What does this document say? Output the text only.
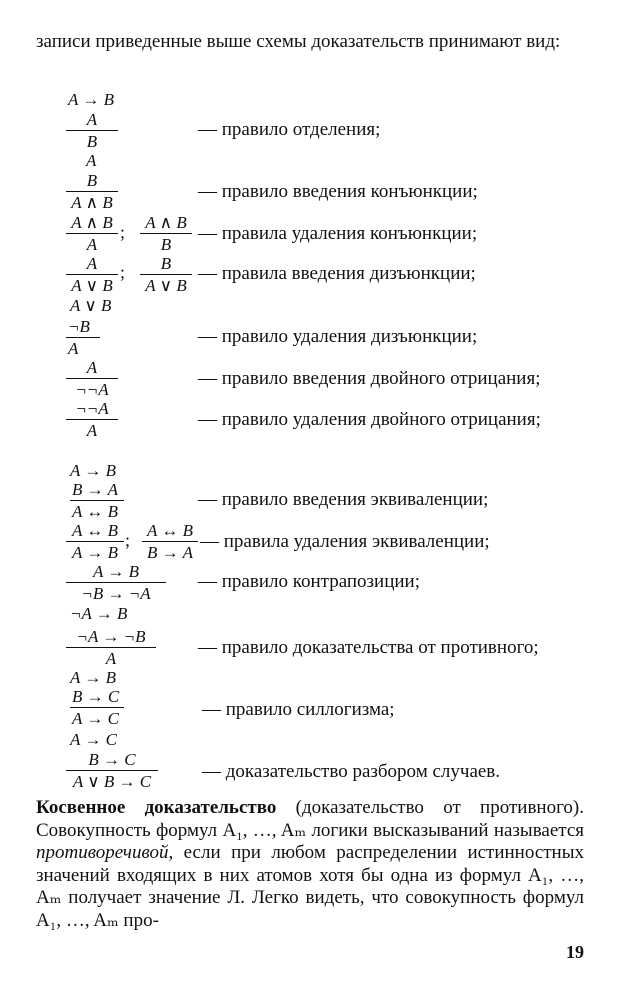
записи приведенные выше схемы доказательств принимают вид:
A → B
A
B
— правило отделения;
A
B
A ∧ B
— правило введения конъюнкции;
A ∧ B
A
; A ∧ B
B
— правила удаления конъюнкции;
A
A ∨ B
; B
A ∨ B
— правила введения дизъюнкции;
A ∨ B
¬B
A
— правило удаления дизъюнкции;
A
¬¬A
— правило введения двойного отрицания;
¬¬A
A
— правило удаления двойного отрицания;
A → B
B → A
A ↔ B
— правило введения эквиваленции;
A ↔ B
A → B
; A ↔ B
B → A
— правила удаления эквиваленции;
A → B
¬B → ¬A
— правило контрапозиции;
¬A → B
¬A → ¬B
A
— правило доказательства от противного;
A → B
B → C
A → C	— правило силлогизма;
A → C
B → C
A ∨ B → C	— доказательство разбором случаев.
Косвенное доказательство (доказательство от противного). Совокупность формул A₁, …, Aₘ логики высказываний называется противоречивой, если при любом распределении истинностных значений входящих в них атомов хотя бы одна из формул A₁, …, Aₘ получает значение Л. Легко видеть, что совокупность формул A₁, …, Aₘ про-
19
